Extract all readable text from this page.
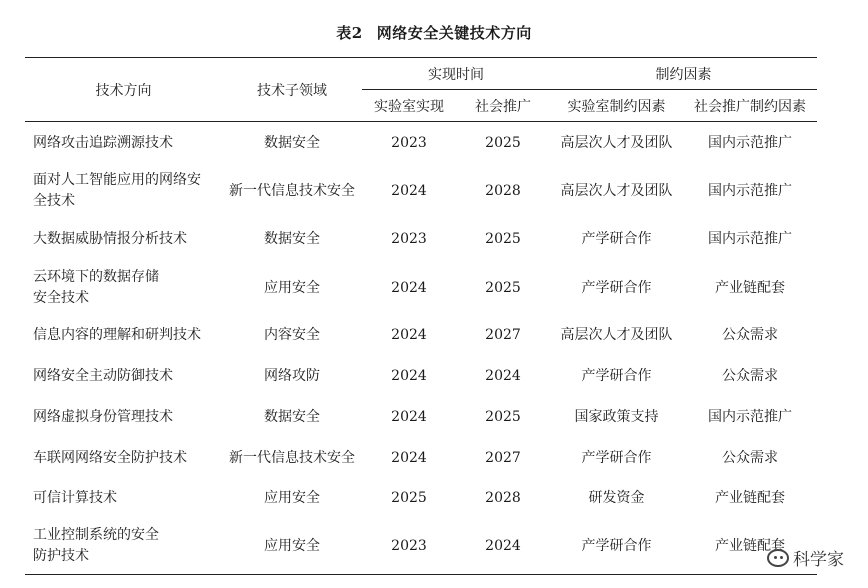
表2 网络安全关键技术方向
技术方向	技术子领域	实现时间		制约因素	
		实验室实现	社会推广	实验室制约因素	社会推广制约因素
网络攻击追踪溯源技术	数据安全	2023	2025	高层次人才及团队	国内示范推广

面对人工智能应用的网络安全技术	新一代信息技术安全	2024	2028	高层次人才及团队	国内示范推广
大数据威胁情报分析技术	数据安全	2023	2025	产学研合作	国内示范推广

云环境下的数据存储安全技术	应用安全	2024	2025	产学研合作	产业链配套
信息内容的理解和研判技术	内容安全	2024	2027	高层次人才及团队	公众需求
网络安全主动防御技术	网络攻防	2024	2024	产学研合作	公众需求
网络虚拟身份管理技术	数据安全	2024	2025	国家政策支持	国内示范推广
车联网网络安全防护技术	新一代信息技术安全	2024	2027	产学研合作	公众需求
可信计算技术	应用安全	2025	2028	研发资金	产业链配套

工业控制系统的安全防护技术	应用安全	2023	2024	产学研合作	产业链配套
科学家
